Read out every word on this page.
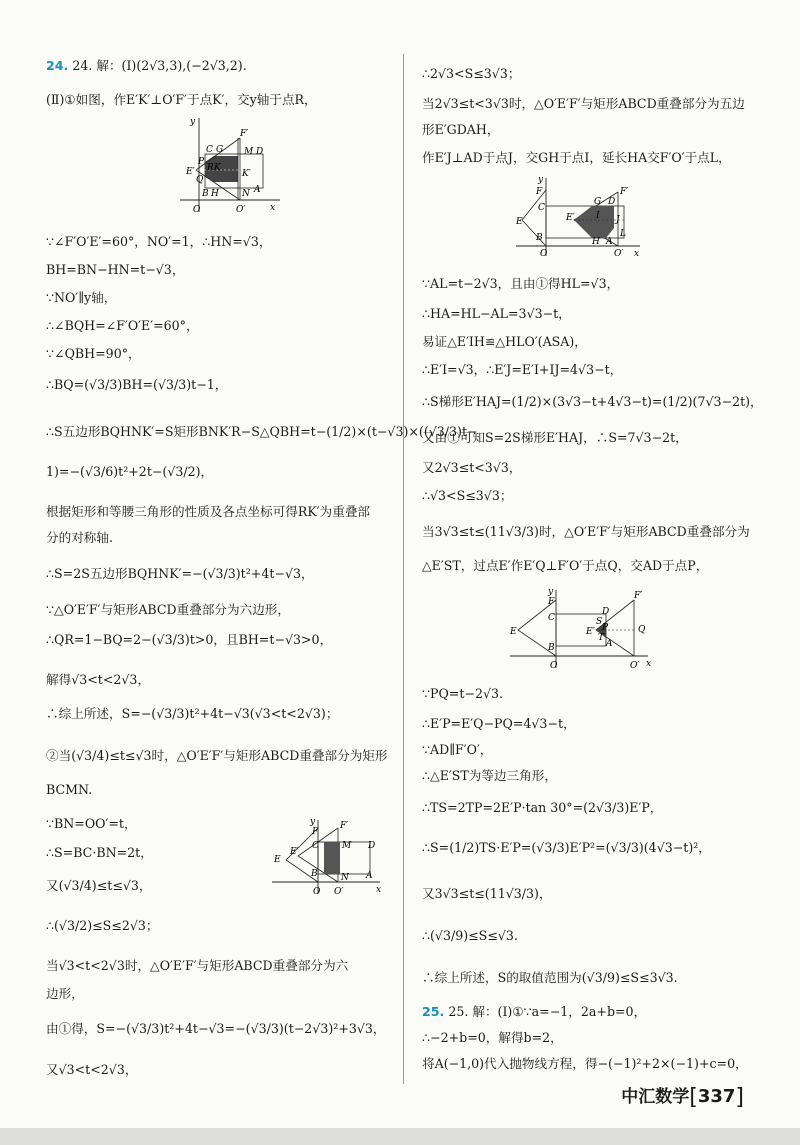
24. 24. 解：(Ⅰ)(2√3,3),(−2√3,2).
(Ⅱ)①如图，作E′K′⊥O′F′于点K′，交y轴于点R，
∵∠F′O′E′=60°，NO′=1，∴HN=√3，
BH=BN−HN=t−√3，
∵NO′∥y轴，
∴∠BQH=∠F′O′E′=60°，
∵∠QBH=90°，
∴BQ=(√3/3)BH=(√3/3)t−1，
∴S五边形BQHNK′=S矩形BNK′R−S△QBH=t−(1/2)×(t−√3)×((√3/3)t−
1)=−(√3/6)t²+2t−(√3/2)，
根据矩形和等腰三角形的性质及各点坐标可得RK′为重叠部
分的对称轴.
∴S=2S五边形BQHNK′=−(√3/3)t²+4t−√3，
∵△O′E′F′与矩形ABCD重叠部分为六边形，
∴QR=1−BQ=2−(√3/3)t>0，且BH=t−√3>0，
解得√3<t<2√3，
∴综上所述，S=−(√3/3)t²+4t−√3(√3<t<2√3)；
②当(√3/4)≤t≤√3时，△O′E′F′与矩形ABCD重叠部分为矩形
BCMN.
∵BN=OO′=t，
∴S=BC·BN=2t，
又(√3/4)≤t≤√3，
∴(√3/2)≤S≤2√3；
当√3<t<2√3时，△O′E′F′与矩形ABCD重叠部分为六
边形，
由①得，S=−(√3/3)t²+4t−√3=−(√3/3)(t−2√3)²+3√3，
又√3<t<2√3，
∴2√3<S≤3√3；
当2√3≤t<3√3时，△O′E′F′与矩形ABCD重叠部分为五边
形E′GDAH，
作E′J⊥AD于点J，交GH于点I，延长HA交F′O′于点L，
∵AL=t−2√3，且由①得HL=√3，
∴HA=HL−AL=3√3−t，
易证△E′IH≌△HLO′(ASA)，
∴E′I=√3，∴E′J=E′I+IJ=4√3−t，
∴S梯形E′HAJ=(1/2)×(3√3−t+4√3−t)=(1/2)(7√3−2t)，
又由①可知S=2S梯形E′HAJ，∴S=7√3−2t，
又2√3≤t<3√3，
∴√3<S≤3√3；
当3√3≤t≤(11√3/3)时，△O′E′F′与矩形ABCD重叠部分为
△E′ST，过点E′作E′Q⊥F′O′于点Q，交AD于点P，
∵PQ=t−2√3.
∴E′P=E′Q−PQ=4√3−t，
∵AD∥F′O′，
∴△E′ST为等边三角形，
∴TS=2TP=2E′P·tan 30°=(2√3/3)E′P，
∴S=(1/2)TS·E′P=(√3/3)E′P²=(√3/3)(4√3−t)²，
又3√3≤t≤(11√3/3)，
∴(√3/9)≤S≤√3.
∴综上所述，S的取值范围为(√3/9)≤S≤3√3.
25. 25. 解：(Ⅰ)①∵a=−1，2a+b=0，
∴−2+b=0，解得b=2，
将A(−1,0)代入抛物线方程，得−(−1)²+2×(−1)+c=0，
y
F′
C G M D
P
R K
E′
Q
K′
B H	N A
O	O′	x
y
F
F′
E′
C	M D
E
B	N A
O O′	x
y
F′
F
C
G D
E′ I J
E
B	H A
L
O	O′ x
y	F′
F
C
D
E′
S
P	Q
T
E
B	A
O	O′ x
中汇数学[337]
